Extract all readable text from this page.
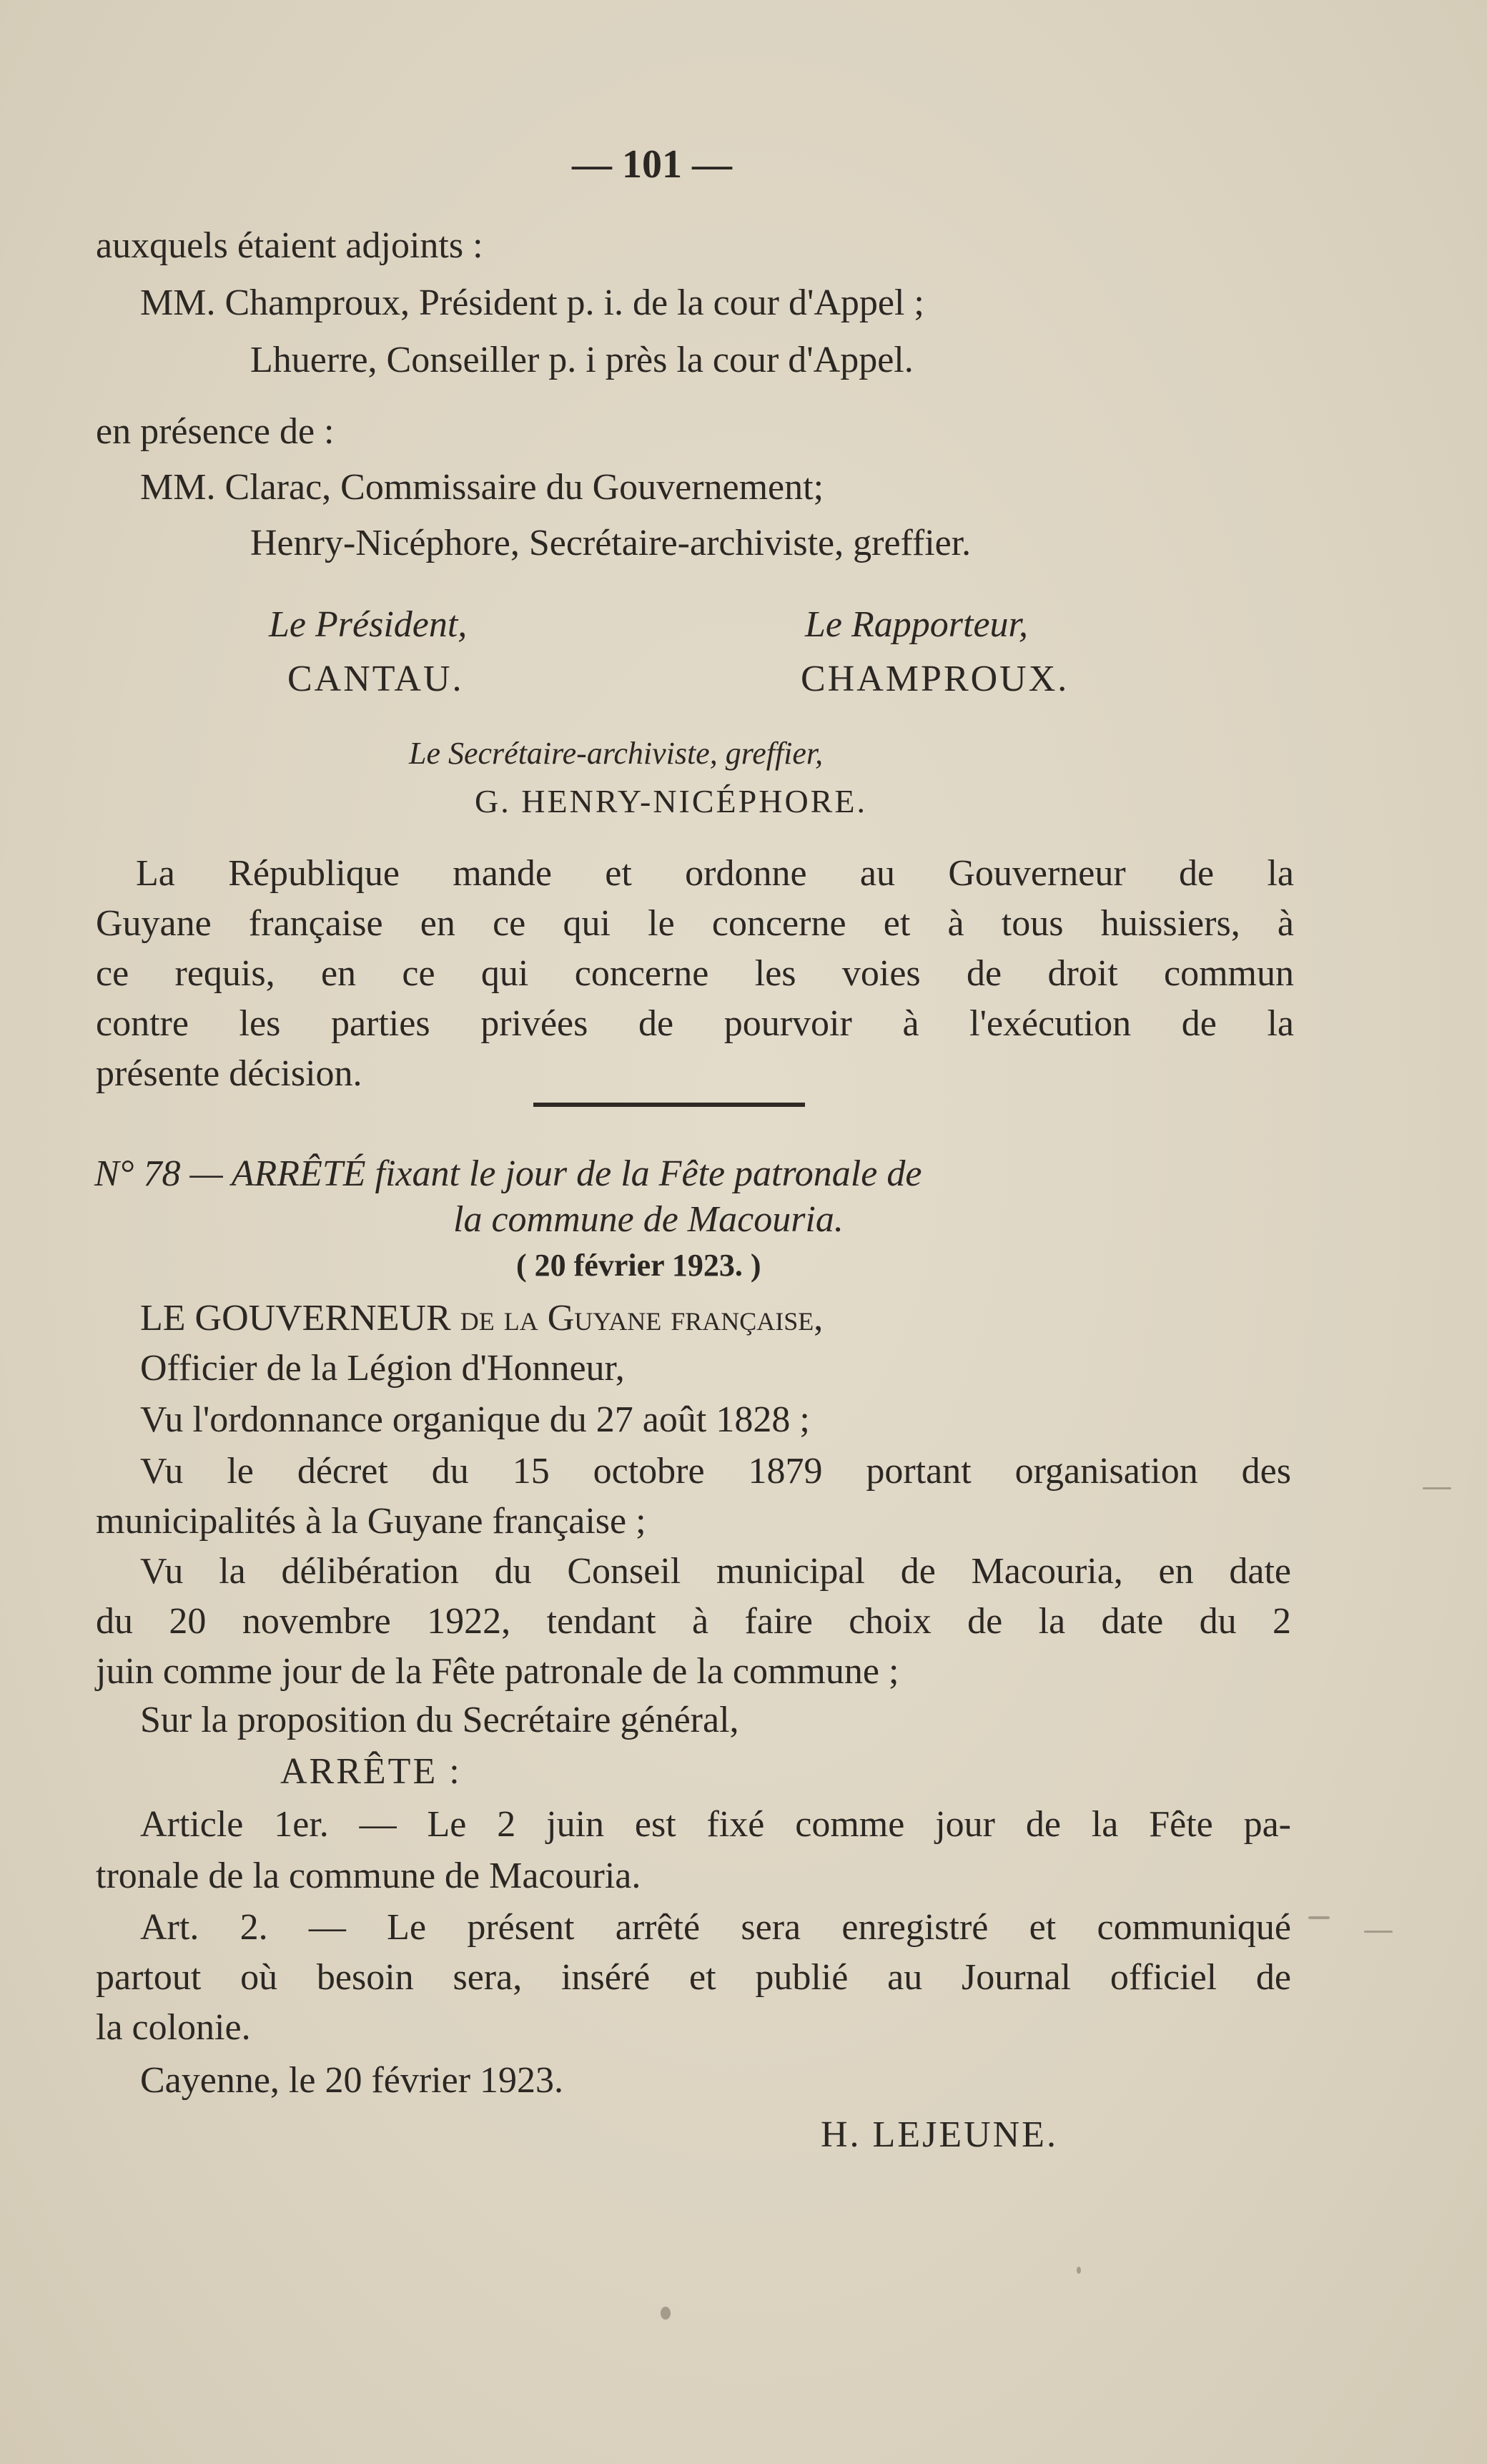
— 101 —
auxquels étaient adjoints :
MM. Champroux, Président p. i. de la cour d'Appel ;
Lhuerre, Conseiller p. i près la cour d'Appel.
en présence de :
MM. Clarac, Commissaire du Gouvernement;
Henry-Nicéphore, Secrétaire-archiviste, greffier.
Le Président,
CANTAU.
Le Rapporteur,
CHAMPROUX.
Le Secrétaire-archiviste, greffier,
G. HENRY-NICÉPHORE.
La République mande et ordonne au Gouverneur de la
Guyane française en ce qui le concerne et à tous huissiers, à
ce requis, en ce qui concerne les voies de droit commun
contre les parties privées de pourvoir à l'exécution de la
présente décision.
N° 78 — ARRÊTÉ fixant le jour de la Fête patronale de
la commune de Macouria.
( 20 février 1923. )
LE GOUVERNEUR de la Guyane française,
Officier de la Légion d'Honneur,
Vu l'ordonnance organique du 27 août 1828 ;
Vu le décret du 15 octobre 1879 portant organisation des
municipalités à la Guyane française ;
Vu la délibération du Conseil municipal de Macouria, en date
du 20 novembre 1922, tendant à faire choix de la date du 2
juin comme jour de la Fête patronale de la commune ;
Sur la proposition du Secrétaire général,
ARRÊTE :
Article 1er. — Le 2 juin est fixé comme jour de la Fête pa-
tronale de la commune de Macouria.
Art. 2. — Le présent arrêté sera enregistré et communiqué
partout où besoin sera, inséré et publié au Journal officiel de
la colonie.
Cayenne, le 20 février 1923.
H. LEJEUNE.
